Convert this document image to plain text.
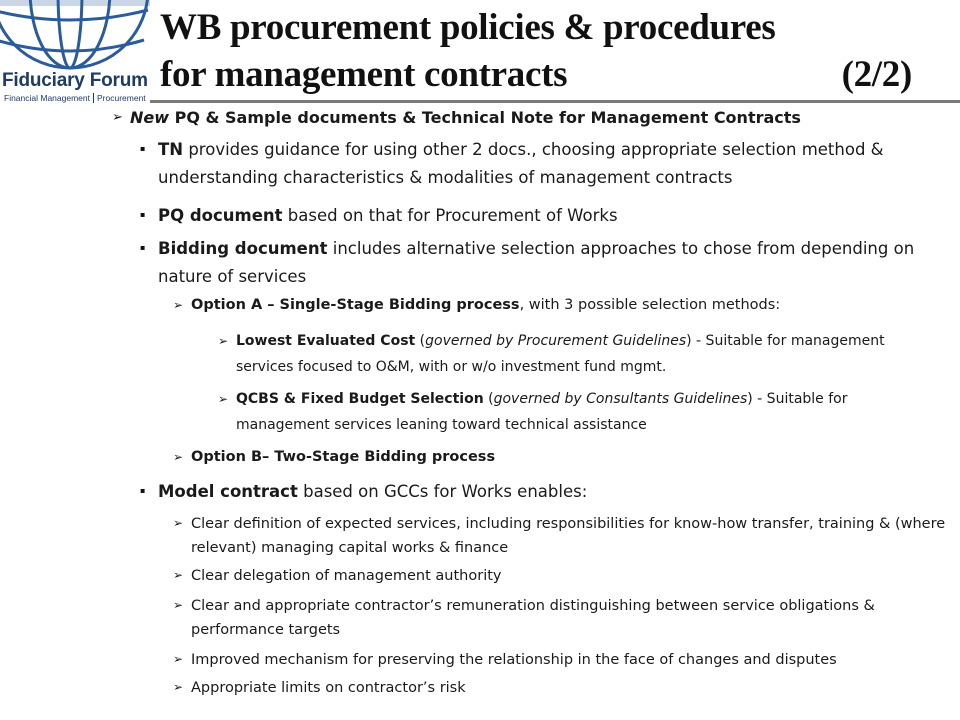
Fiduciary Forum
Financial Management Procurement
WB procurement policies & procedures
for management contracts	(2/2)
➢ New PQ & Sample documents & Technical Note for Management Contracts
▪ TN provides guidance for using other 2 docs., choosing appropriate selection method & understanding characteristics & modalities of management contracts
▪ PQ document based on that for Procurement of Works
▪ Bidding document includes alternative selection approaches to chose from depending on nature of services
➢ Option A – Single-Stage Bidding process, with 3 possible selection methods:
➢ Lowest Evaluated Cost (governed by Procurement Guidelines) - Suitable for management services focused to O&M, with or w/o investment fund mgmt.
➢ QCBS & Fixed Budget Selection (governed by Consultants Guidelines) - Suitable for management services leaning toward technical assistance
➢ Option B– Two-Stage Bidding process
▪ Model contract based on GCCs for Works enables:
➢ Clear definition of expected services, including responsibilities for know-how transfer, training & (where relevant) managing capital works & finance
➢ Clear delegation of management authority
➢ Clear and appropriate contractor’s remuneration distinguishing between service obligations & performance targets
➢ Improved mechanism for preserving the relationship in the face of changes and disputes
➢ Appropriate limits on contractor’s risk
